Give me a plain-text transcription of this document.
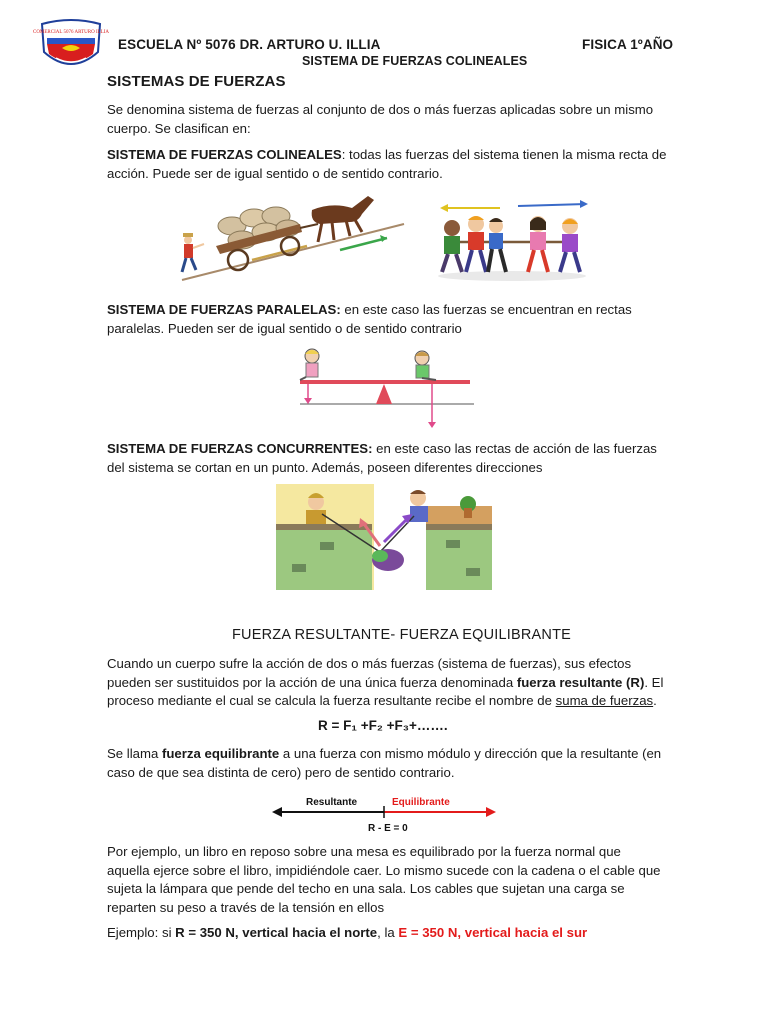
COMERCIAL 5076 ARTURO ILLIA
ESCUELA Nº 5076 DR. ARTURO U. ILLIA	FISICA 1ºAÑO
SISTEMA DE FUERZAS COLINEALES
SISTEMAS DE FUERZAS
Se denomina sistema de fuerzas al conjunto de dos o más fuerzas aplicadas sobre un mismo cuerpo. Se clasifican en:
SISTEMA DE FUERZAS COLINEALES: todas las fuerzas del sistema tienen la misma recta de acción. Puede ser de igual sentido o de sentido contrario.
SISTEMA DE FUERZAS PARALELAS: en este caso las fuerzas se encuentran en rectas paralelas. Pueden ser de igual sentido o de sentido contrario
SISTEMA DE FUERZAS CONCURRENTES: en este caso las rectas de acción de las fuerzas del sistema se cortan en un punto. Además, poseen diferentes direcciones
FUERZA RESULTANTE- FUERZA EQUILIBRANTE
Cuando un cuerpo sufre la acción de dos o más fuerzas (sistema de fuerzas), sus efectos pueden ser sustituidos por la acción de una única fuerza denominada fuerza resultante (R). El proceso mediante el cual se calcula la fuerza resultante recibe el nombre de suma de fuerzas.
R = F₁ +F₂ +F₃+…….
Se llama fuerza equilibrante a una fuerza con mismo módulo y dirección que la resultante (en caso de que sea distinta de cero) pero de sentido contrario.
Resultante	Equilibrante
R - E = 0
Por ejemplo, un libro en reposo sobre una mesa es equilibrado por la fuerza normal que aquella ejerce sobre el libro, impidiéndole caer. Lo mismo sucede con la cadena o el cable que sujeta la lámpara que pende del techo en una sala. Los cables que sujetan una carga se reparten su peso a través de la tensión en ellos
Ejemplo: si R = 350 N, vertical hacia el norte, la E = 350 N, vertical hacia el sur
